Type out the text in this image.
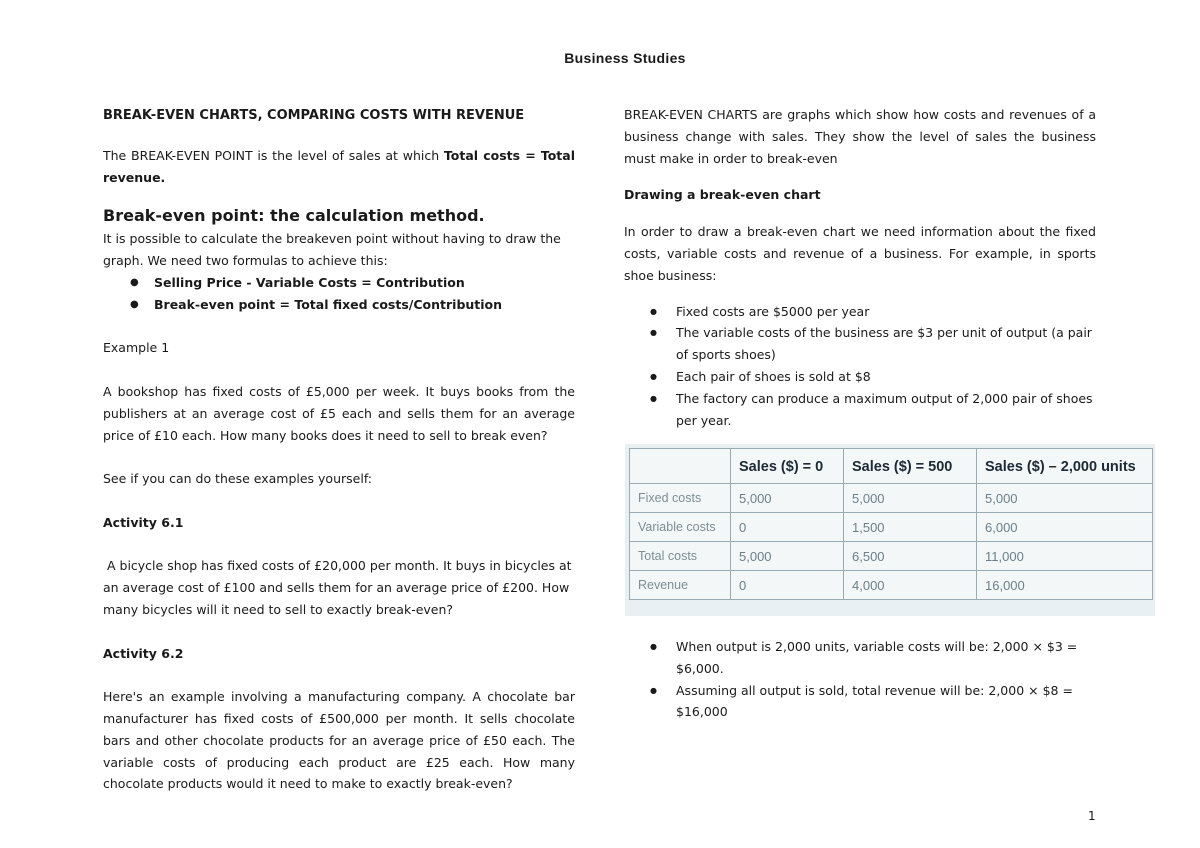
Business Studies

BREAK-EVEN CHARTS, COMPARING COSTS WITH REVENUE

The BREAK-EVEN POINT is the level of sales at which Total costs = Total revenue.

Break-even point: the calculation method.

It is possible to calculate the breakeven point without having to draw the graph. We need two formulas to achieve this:

● Selling Price - Variable Costs = Contribution
● Break-even point = Total fixed costs/Contribution

Example 1

A bookshop has fixed costs of £5,000 per week. It buys books from the publishers at an average cost of £5 each and sells them for an average price of £10 each. How many books does it need to sell to break even?

See if you can do these examples yourself:

Activity 6.1

A bicycle shop has fixed costs of £20,000 per month. It buys in bicycles at an average cost of £100 and sells them for an average price of £200. How many bicycles will it need to sell to exactly break-even?

Activity 6.2

Here's an example involving a manufacturing company. A chocolate bar manufacturer has fixed costs of £500,000 per month. It sells chocolate bars and other chocolate products for an average price of £50 each. The variable costs of producing each product are £25 each. How many chocolate products would it need to make to exactly break-even?

BREAK-EVEN CHARTS are graphs which show how costs and revenues of a business change with sales. They show the level of sales the business must make in order to break-even

Drawing a break-even chart

In order to draw a break-even chart we need information about the fixed costs, variable costs and revenue of a business. For example, in sports shoe business:

● Fixed costs are $5000 per year
● The variable costs of the business are $3 per unit of output (a pair of sports shoes)
● Each pair of shoes is sold at $8
● The factory can produce a maximum output of 2,000 pair of shoes per year.
	Sales ($) = 0	Sales ($) = 500	Sales ($) – 2,000 units
Fixed costs	5,000	5,000	5,000
Variable costs	0	1,500	6,000
Total costs	5,000	6,500	11,000
Revenue	0	4,000	16,000
● When output is 2,000 units, variable costs will be: 2,000 × $3 = $6,000.
● Assuming all output is sold, total revenue will be: 2,000 × $8 = $16,000
1
